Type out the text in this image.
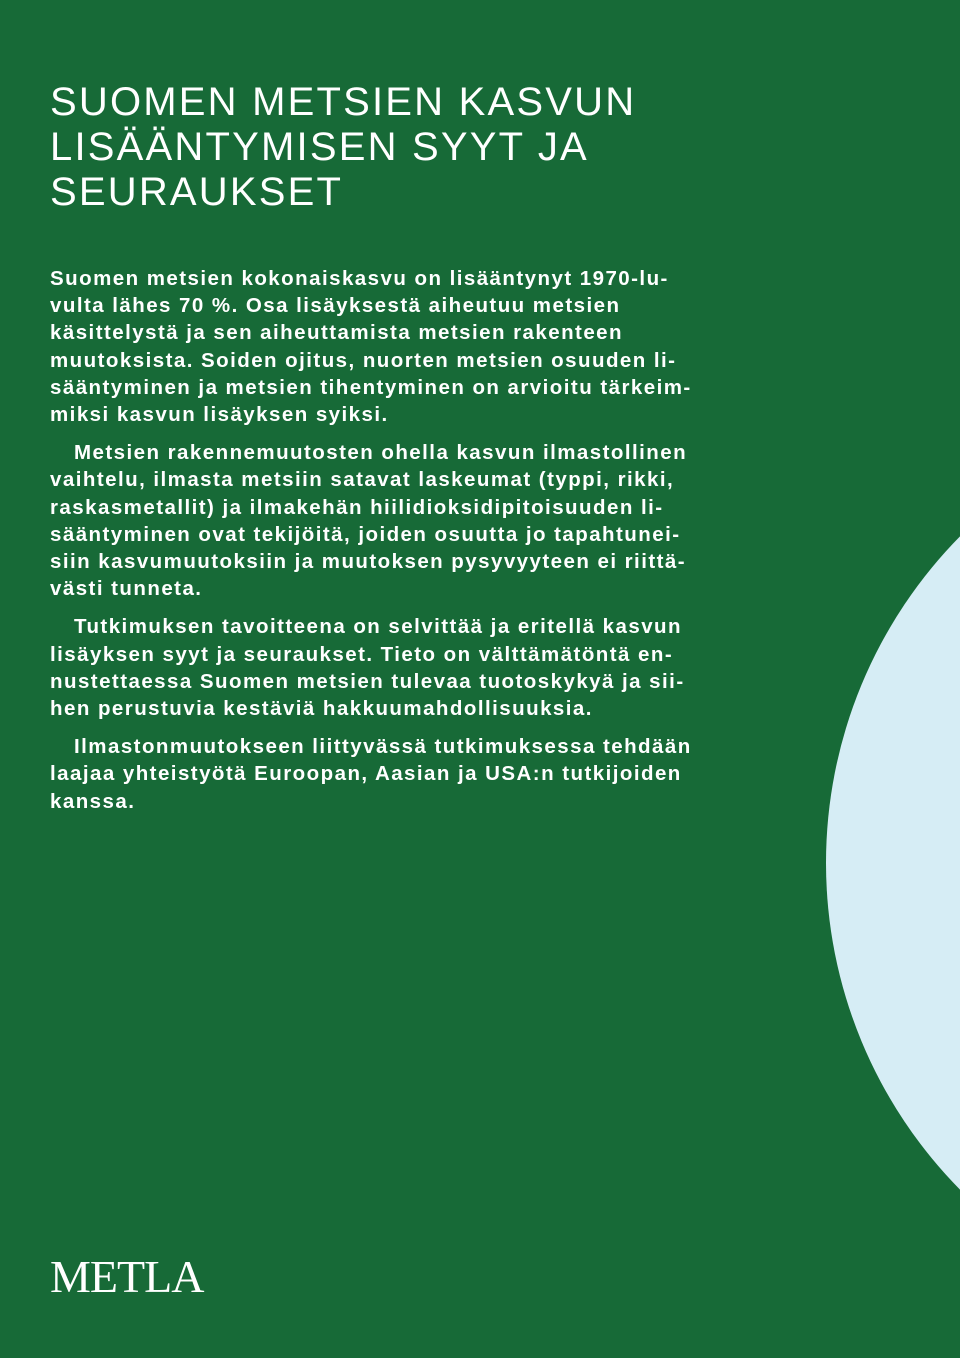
SUOMEN METSIEN KASVUN
LISÄÄNTYMISEN SYYT JA
SEURAUKSET

Suomen metsien kokonaiskasvu on lisääntynyt 1970-lu-
vulta lähes 70 %. Osa lisäyksestä aiheutuu metsien
käsittelystä ja sen aiheuttamista metsien rakenteen
muutoksista. Soiden ojitus, nuorten metsien osuuden li-
sääntyminen ja metsien tihentyminen on arvioitu tärkeim-
miksi kasvun lisäyksen syiksi.

Metsien rakennemuutosten ohella kasvun ilmastollinen
vaihtelu, ilmasta metsiin satavat laskeumat (typpi, rikki,
raskasmetallit) ja ilmakehän hiilidioksidipitoisuuden li-
sääntyminen ovat tekijöitä, joiden osuutta jo tapahtunei-
siin kasvumuutoksiin ja muutoksen pysyvyyteen ei riittä-
västi tunneta.

Tutkimuksen tavoitteena on selvittää ja eritellä kasvun
lisäyksen syyt ja seuraukset. Tieto on välttämätöntä en-
nustettaessa Suomen metsien tulevaa tuotoskykyä ja sii-
hen perustuvia kestäviä hakkuumahdollisuuksia.

Ilmastonmuutokseen liittyvässä tutkimuksessa tehdään
laajaa yhteistyötä Euroopan, Aasian ja USA:n tutkijoiden
kanssa.

METLA
